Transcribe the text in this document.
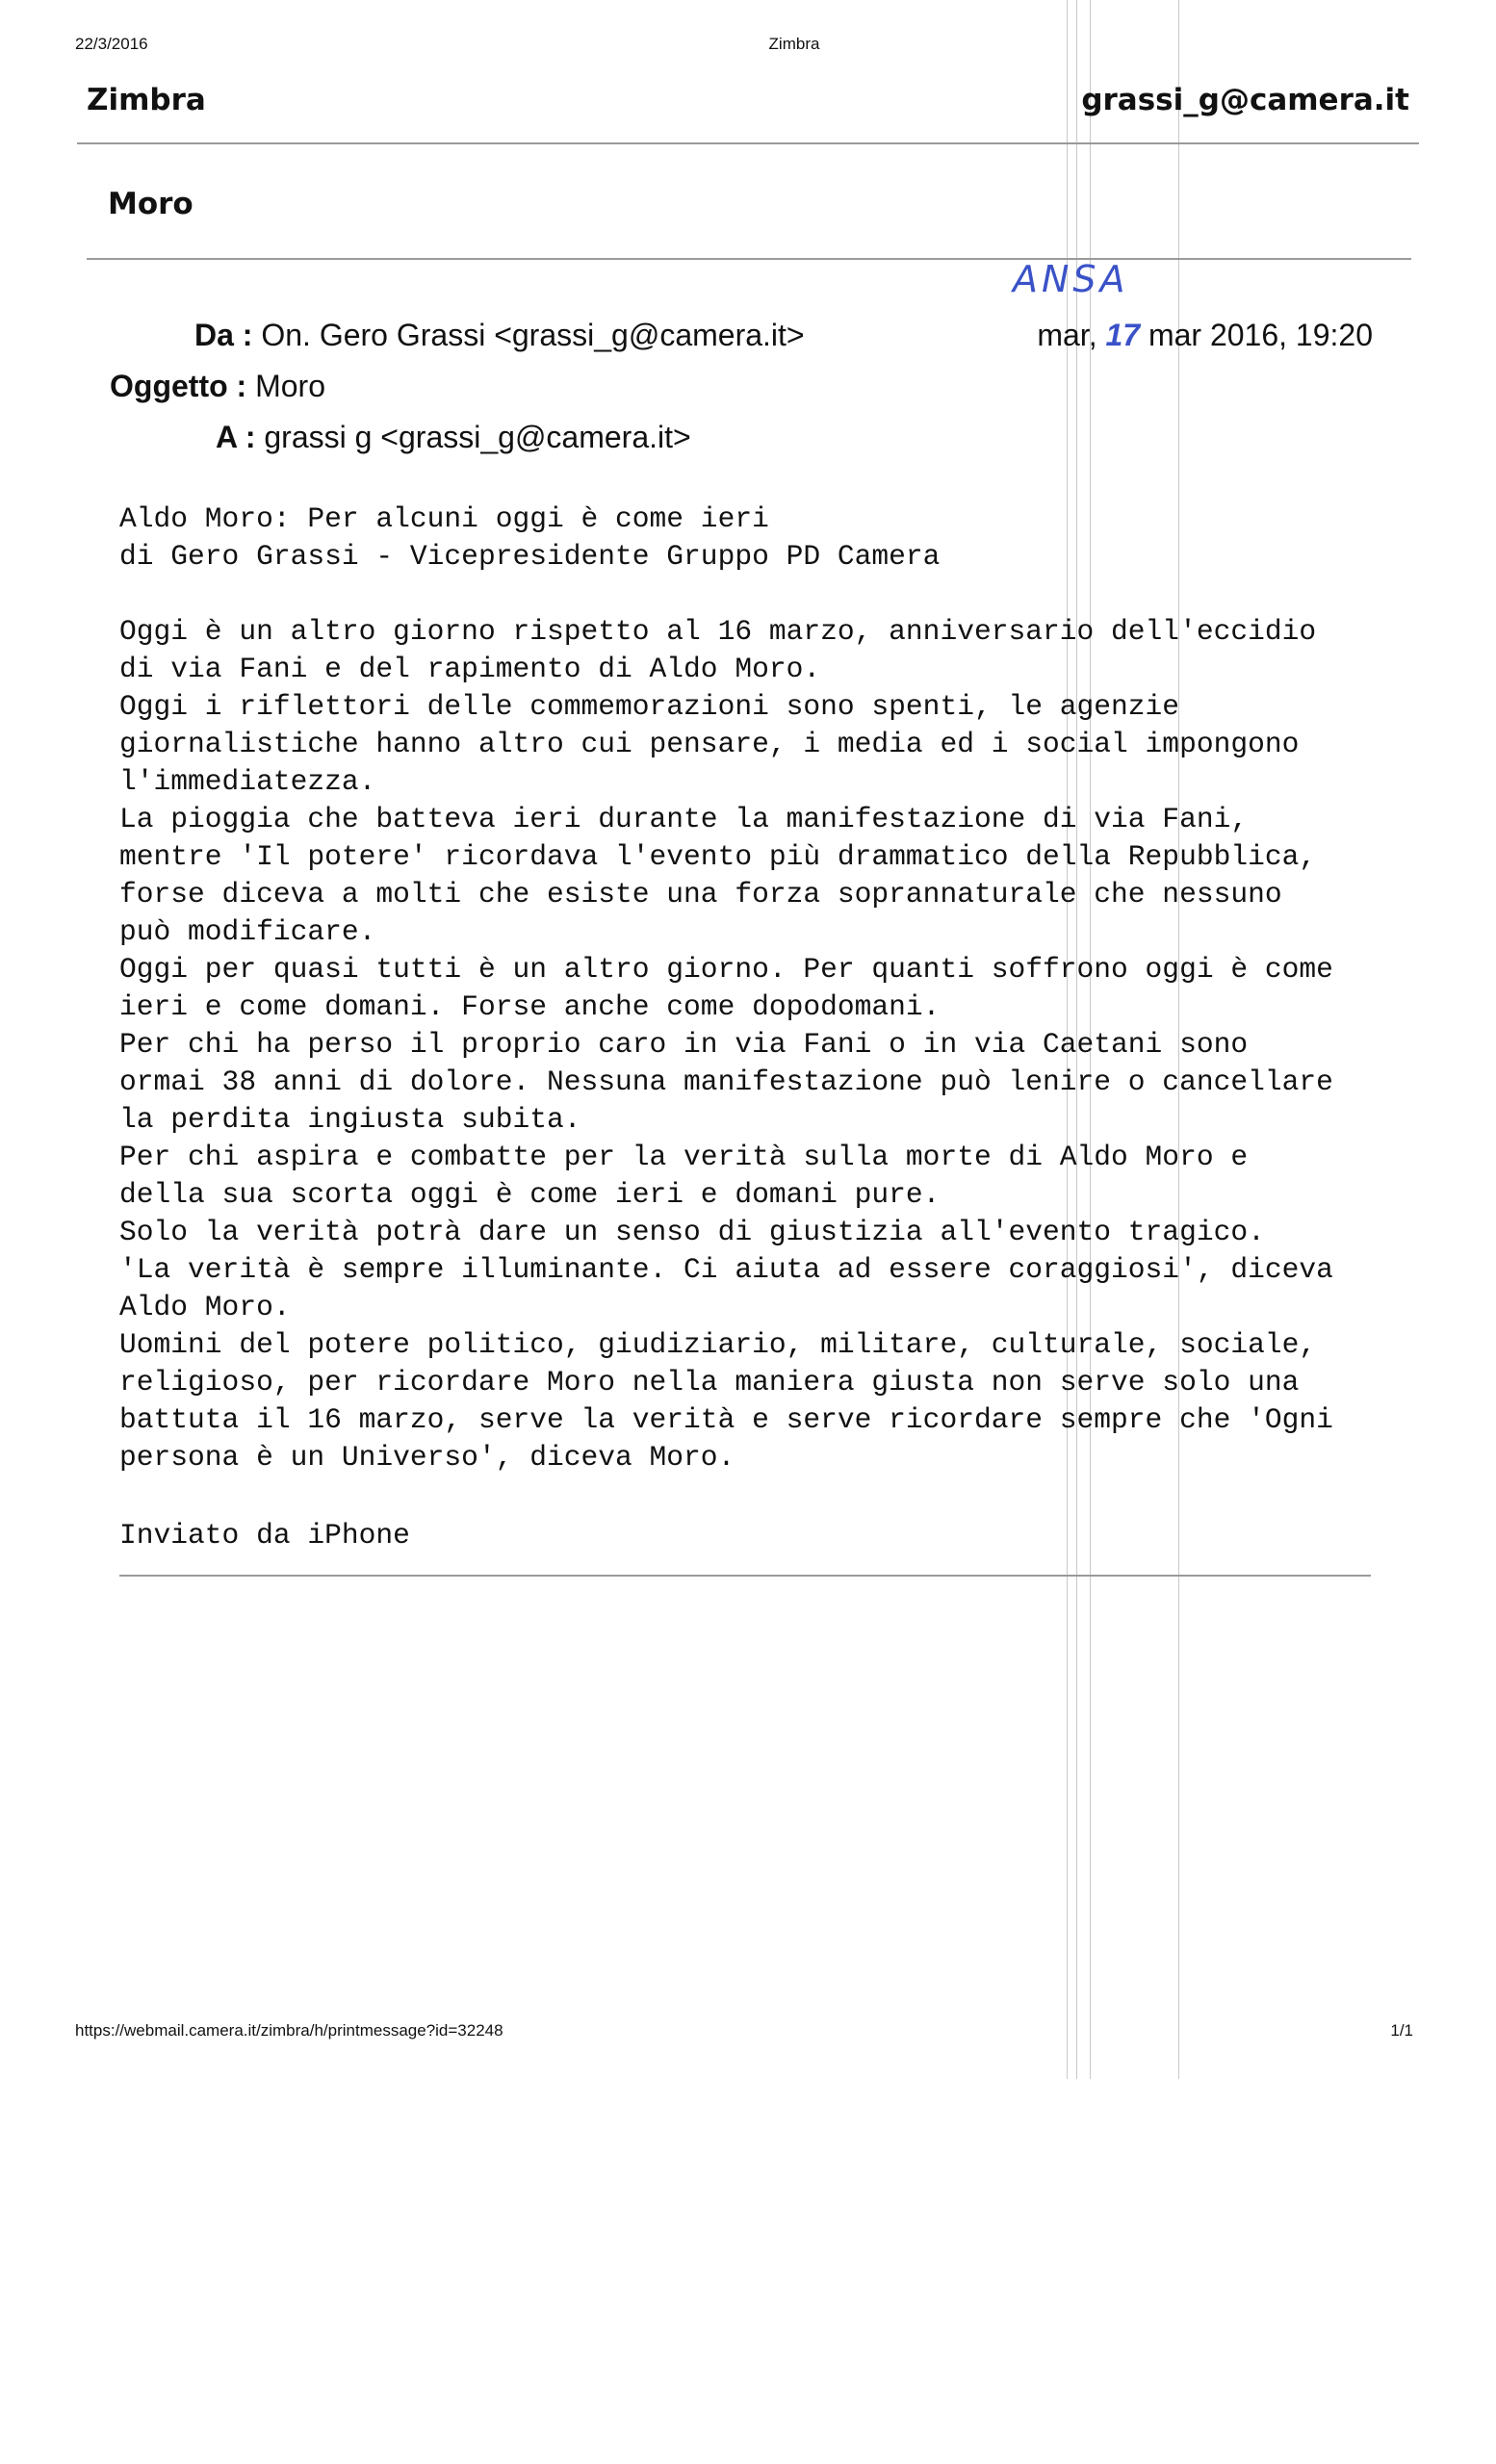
22/3/2016	Zimbra
Zimbra	grassi_g@camera.it
Moro
ANSA
Da : On. Gero Grassi <grassi_g@camera.it>	mar, 17 mar 2016, 19:20
Oggetto : Moro
A : grassi g <grassi_g@camera.it>
Aldo Moro: Per alcuni oggi è come ieri
di Gero Grassi - Vicepresidente Gruppo PD Camera

Oggi è un altro giorno rispetto al 16 marzo, anniversario dell'eccidio
di via Fani e del rapimento di Aldo Moro.
Oggi i riflettori delle commemorazioni sono spenti, le agenzie
giornalistiche hanno altro cui pensare, i media ed i social impongono
l'immediatezza.
La pioggia che batteva ieri durante la manifestazione di via Fani,
mentre 'Il potere' ricordava l'evento più drammatico della Repubblica,
forse diceva a molti che esiste una forza soprannaturale che nessuno
può modificare.
Oggi per quasi tutti è un altro giorno. Per quanti soffrono oggi è come
ieri e come domani. Forse anche come dopodomani.
Per chi ha perso il proprio caro in via Fani o in via Caetani sono
ormai 38 anni di dolore. Nessuna manifestazione può lenire o cancellare
la perdita ingiusta subita.
Per chi aspira e combatte per la verità sulla morte di Aldo Moro e
della sua scorta oggi è come ieri e domani pure.
Solo la verità potrà dare un senso di giustizia all'evento tragico.
'La verità è sempre illuminante. Ci aiuta ad essere coraggiosi', diceva
Aldo Moro.
Uomini del potere politico, giudiziario, militare, culturale, sociale,
religioso, per ricordare Moro nella maniera giusta non serve solo una
battuta il 16 marzo, serve la verità e serve ricordare sempre che 'Ogni
persona è un Universo', diceva Moro.
Inviato da iPhone
https://webmail.camera.it/zimbra/h/printmessage?id=32248	1/1
